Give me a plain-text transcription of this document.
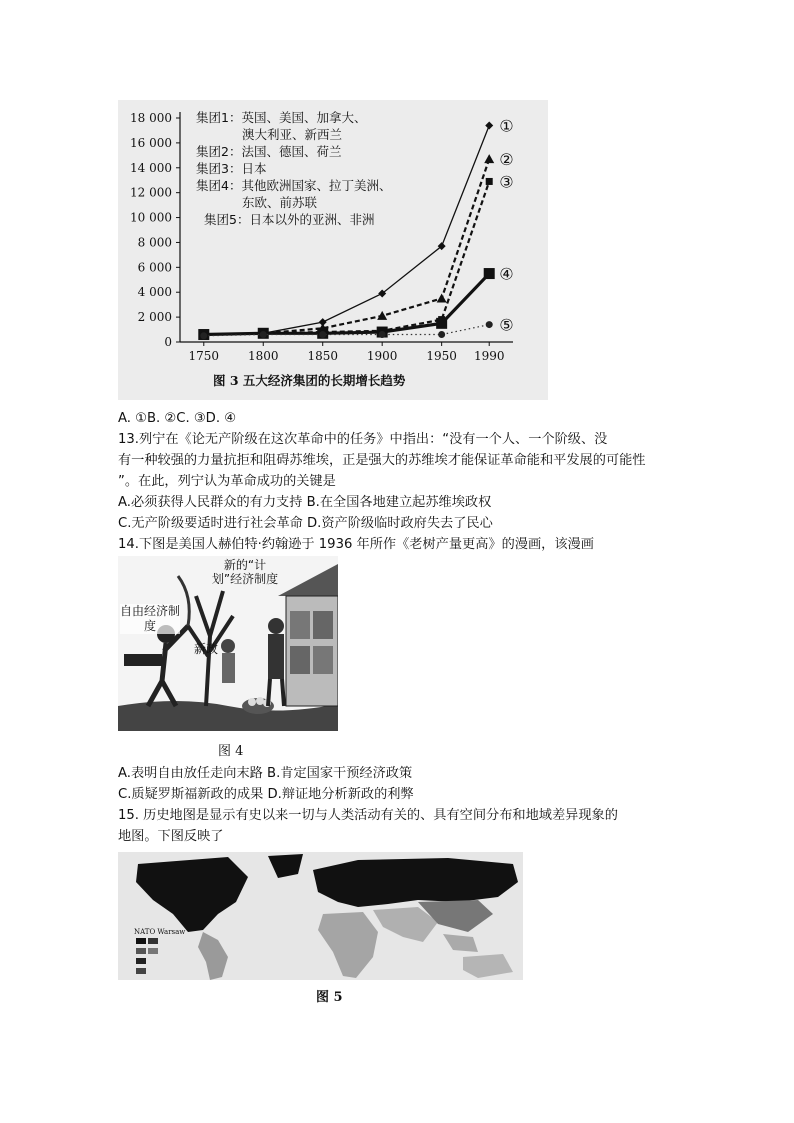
0
2 000
4 000
6 000
8 000
10 000
12 000
14 000
16 000
18 000
1750 1800 1850 1900 1950 1990
图 3 五大经济集团的长期增长趋势
①
②
③
④
⑤
集团1：英国、美国、加拿大、
澳大利亚、新西兰
集团2：法国、德国、荷兰
集团3：日本
集团4：其他欧洲国家、拉丁美洲、
东欧、前苏联
集团5：日本以外的亚洲、非洲
A. ①B. ②C. ③D. ④
13.列宁在《论无产阶级在这次革命中的任务》中指出：“没有一个人、一个阶级、没
有一种较强的力量抗拒和阻碍苏维埃，正是强大的苏维埃才能保证革命能和平发展的可能性
”。在此，列宁认为革命成功的关键是
A.必须获得人民群众的有力支持 B.在全国各地建立起苏维埃政权
C.无产阶级要适时进行社会革命 D.资产阶级临时政府失去了民心
14.下图是美国人赫伯特·约翰逊于 1936 年所作《老树产量更高》的漫画，该漫画
新的“计划”经济制度
自由经济制度
新政
图 4
A.表明自由放任走向末路 B.肯定国家干预经济政策
C.质疑罗斯福新政的成果 D.辩证地分析新政的利弊
15. 历史地图是显示有史以来一切与人类活动有关的、具有空间分布和地域差异现象的
地图。下图反映了
NATO Warsaw
图 5
